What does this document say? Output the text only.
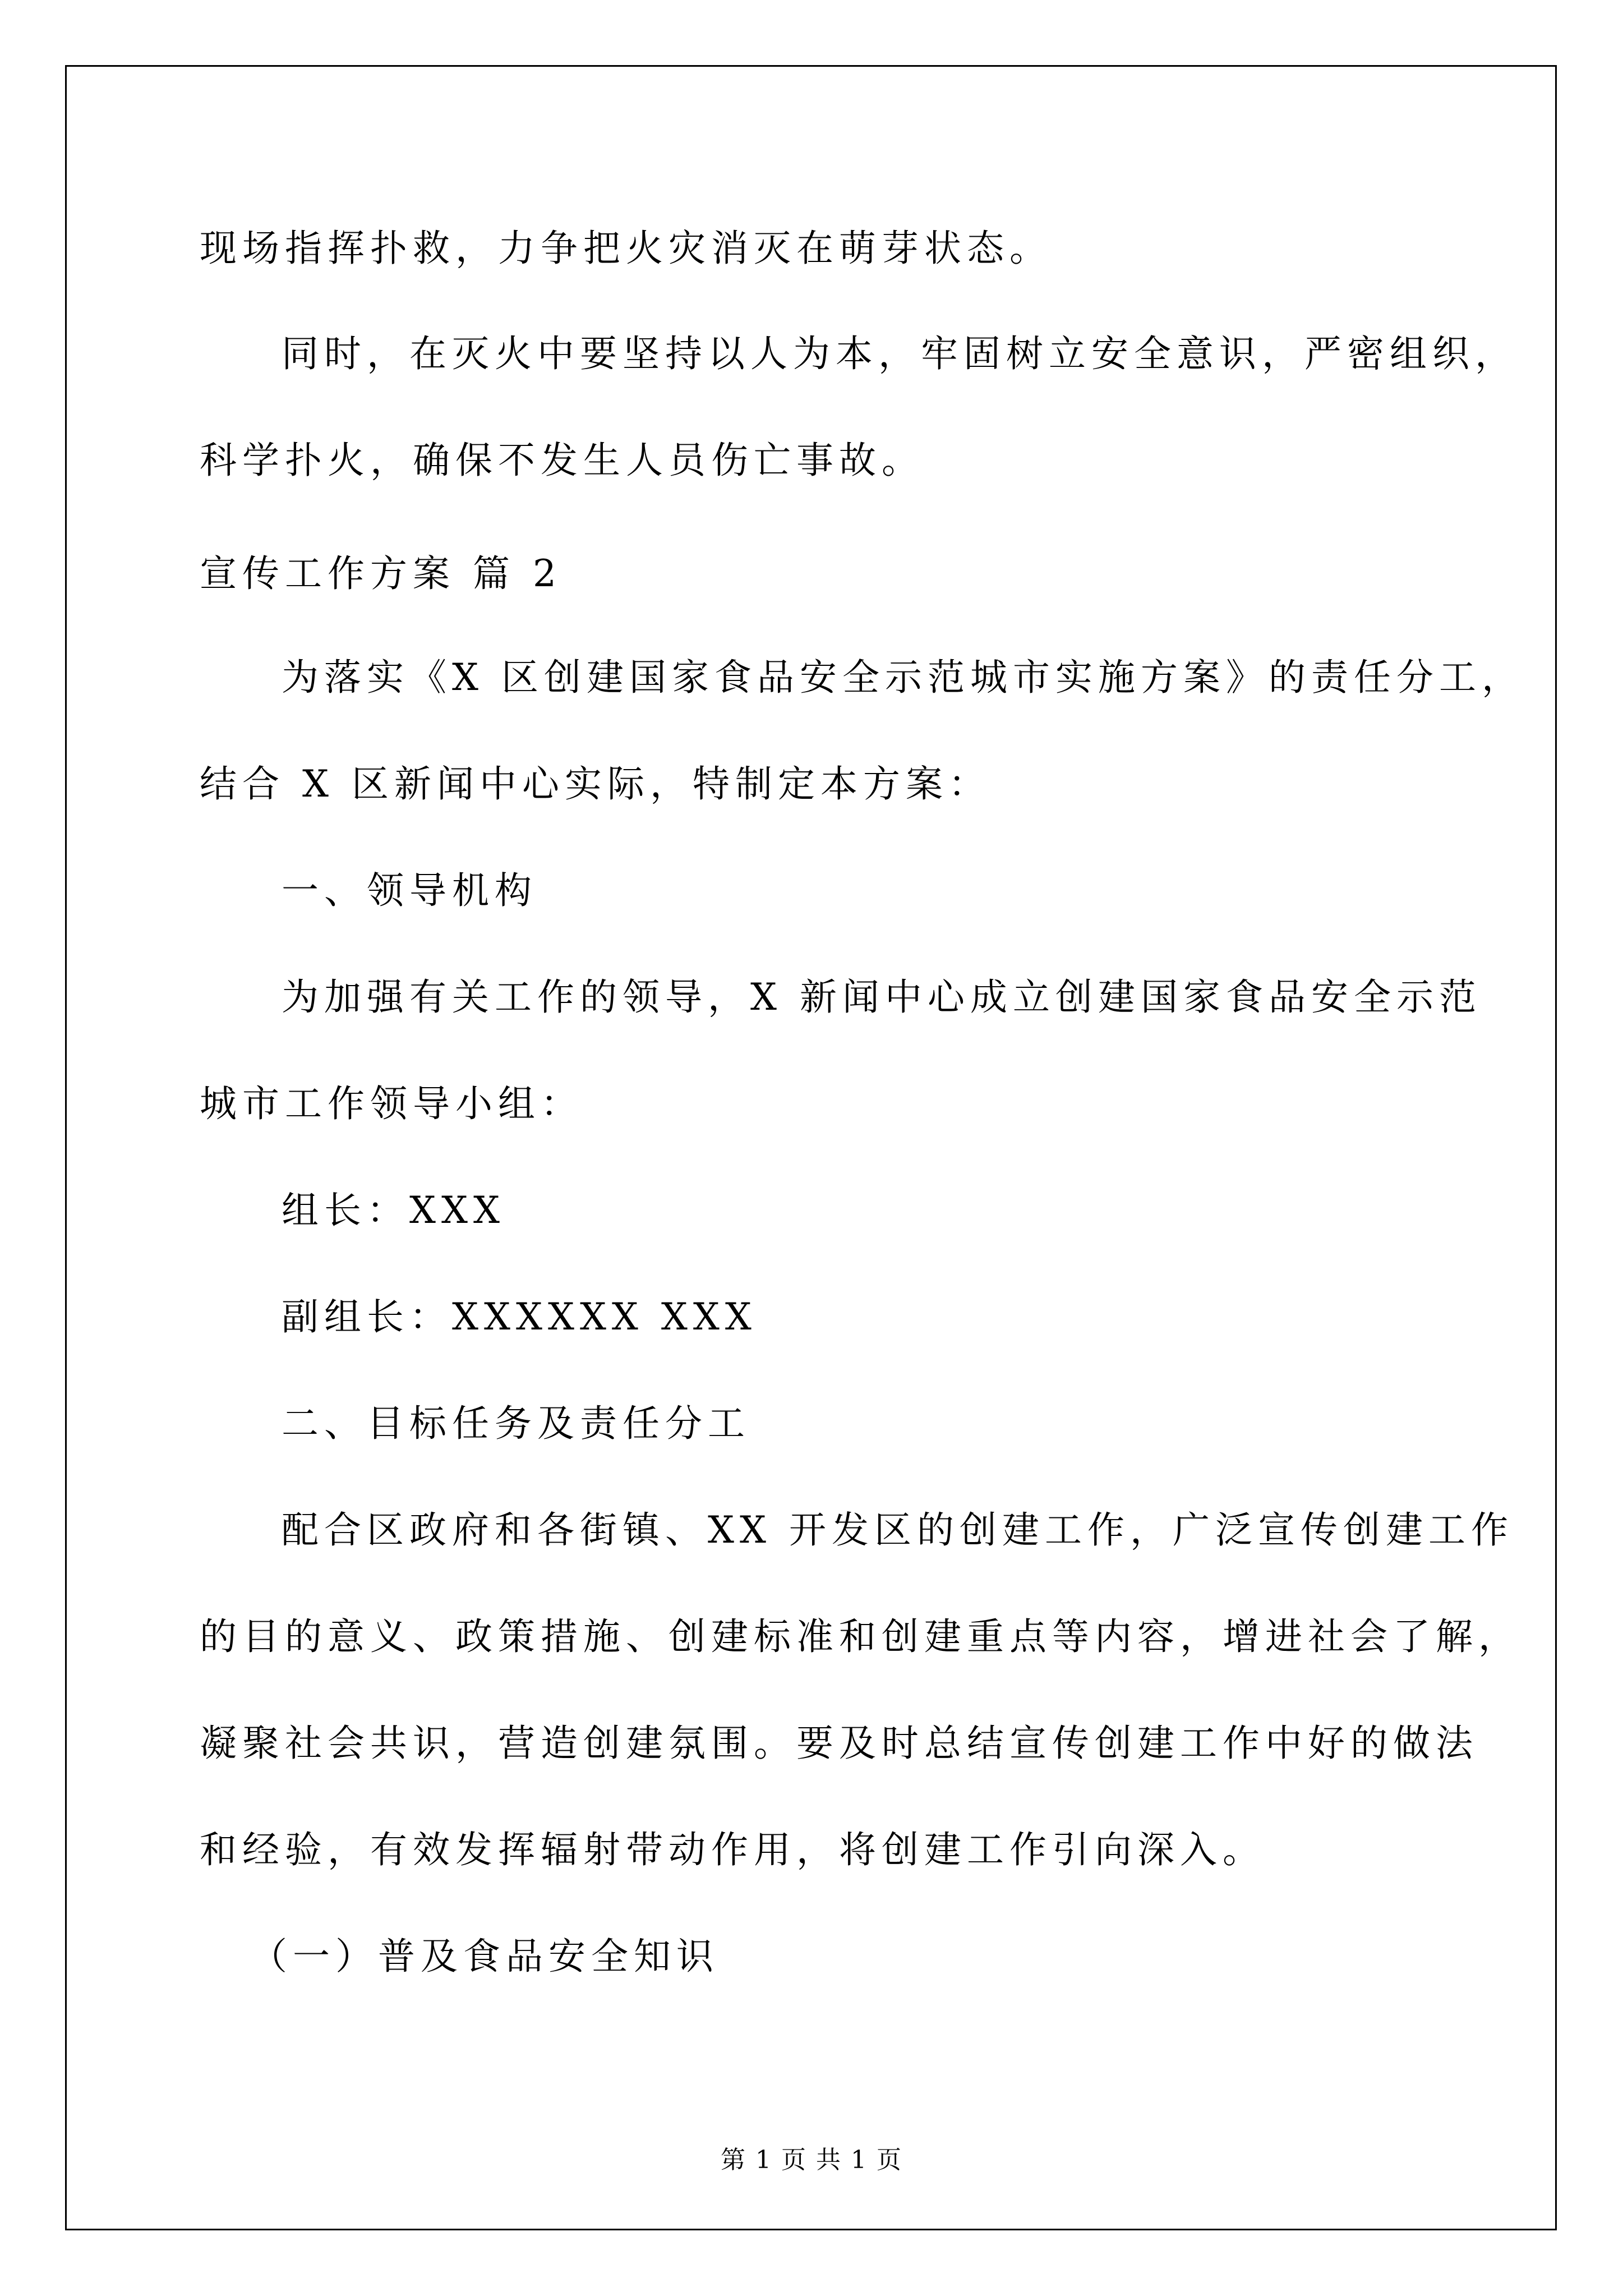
现场指挥扑救，力争把火灾消灭在萌芽状态。
同时，在灭火中要坚持以人为本，牢固树立安全意识，严密组织，
科学扑火，确保不发生人员伤亡事故。
宣传工作方案 篇 2
为落实《X 区创建国家食品安全示范城市实施方案》的责任分工，
结合 X 区新闻中心实际，特制定本方案：
一、领导机构
为加强有关工作的领导，X 新闻中心成立创建国家食品安全示范
城市工作领导小组：
组长：XXX
副组长：XXXXXX XXX
二、目标任务及责任分工
配合区政府和各街镇、XX 开发区的创建工作，广泛宣传创建工作
的目的意义、政策措施、创建标准和创建重点等内容，增进社会了解，
凝聚社会共识，营造创建氛围。要及时总结宣传创建工作中好的做法
和经验，有效发挥辐射带动作用，将创建工作引向深入。
（一）普及食品安全知识
第 1 页 共 1 页
